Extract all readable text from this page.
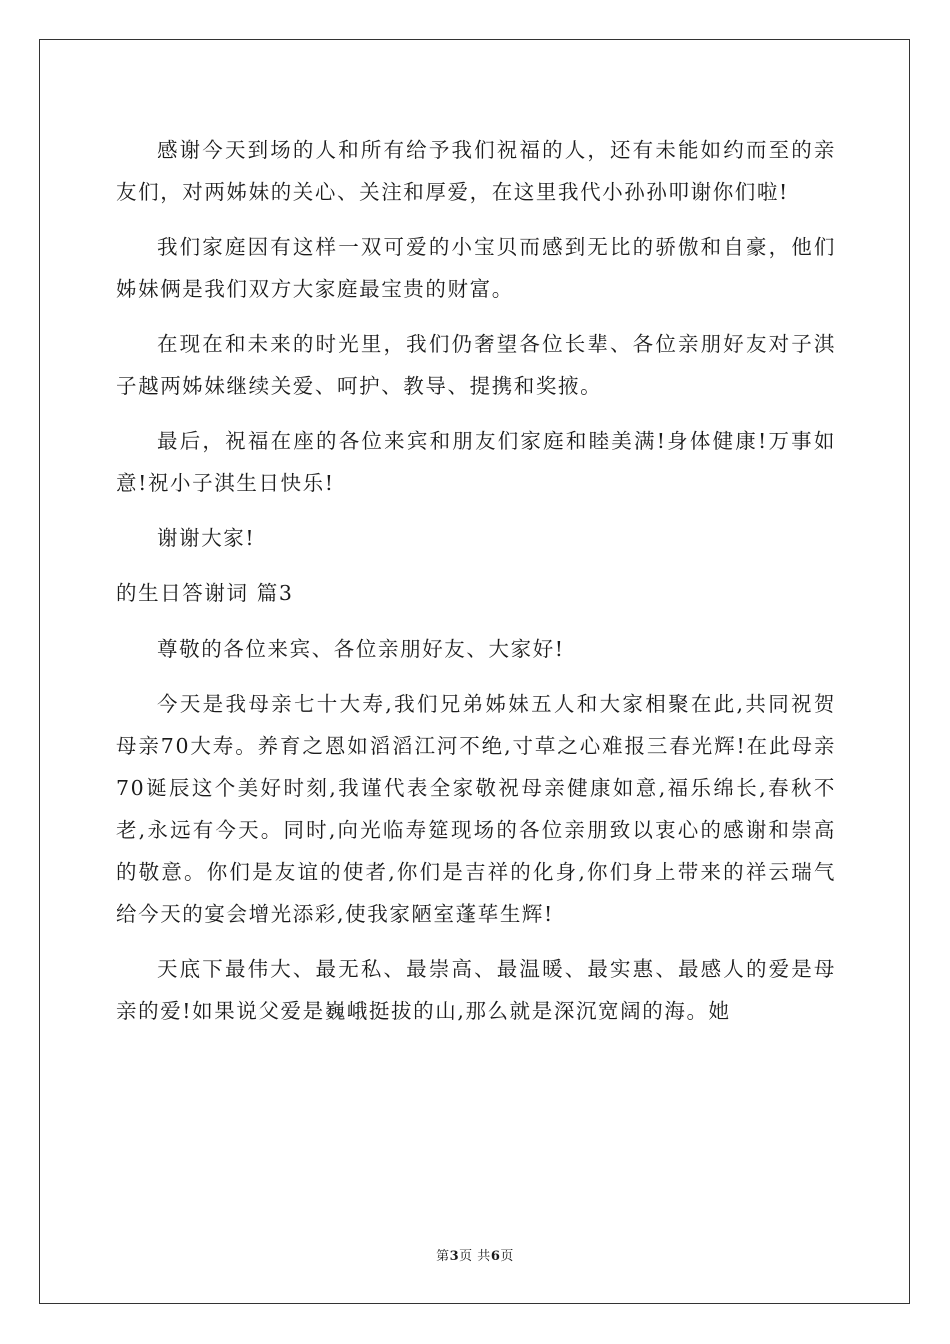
感谢今天到场的人和所有给予我们祝福的人，还有未能如约而至的亲友们，对两姊妹的关心、关注和厚爱，在这里我代小孙孙叩谢你们啦!

我们家庭因有这样一双可爱的小宝贝而感到无比的骄傲和自豪，他们姊妹俩是我们双方大家庭最宝贵的财富。

在现在和未来的时光里，我们仍奢望各位长辈、各位亲朋好友对子淇子越两姊妹继续关爱、呵护、教导、提携和奖掖。

最后，祝福在座的各位来宾和朋友们家庭和睦美满!身体健康!万事如意!祝小子淇生日快乐!

谢谢大家!

的生日答谢词 篇3

尊敬的各位来宾、各位亲朋好友、大家好!

今天是我母亲七十大寿,我们兄弟姊妹五人和大家相聚在此,共同祝贺母亲70大寿。养育之恩如滔滔江河不绝,寸草之心难报三春光辉!在此母亲70诞辰这个美好时刻,我谨代表全家敬祝母亲健康如意,福乐绵长,春秋不老,永远有今天。同时,向光临寿筵现场的各位亲朋致以衷心的感谢和崇高的敬意。你们是友谊的使者,你们是吉祥的化身,你们身上带来的祥云瑞气给今天的宴会增光添彩,使我家陋室蓬荜生辉!

天底下最伟大、最无私、最崇高、最温暖、最实惠、最感人的爱是母亲的爱!如果说父爱是巍峨挺拔的山,那么就是深沉宽阔的海。她

第3页 共6页
